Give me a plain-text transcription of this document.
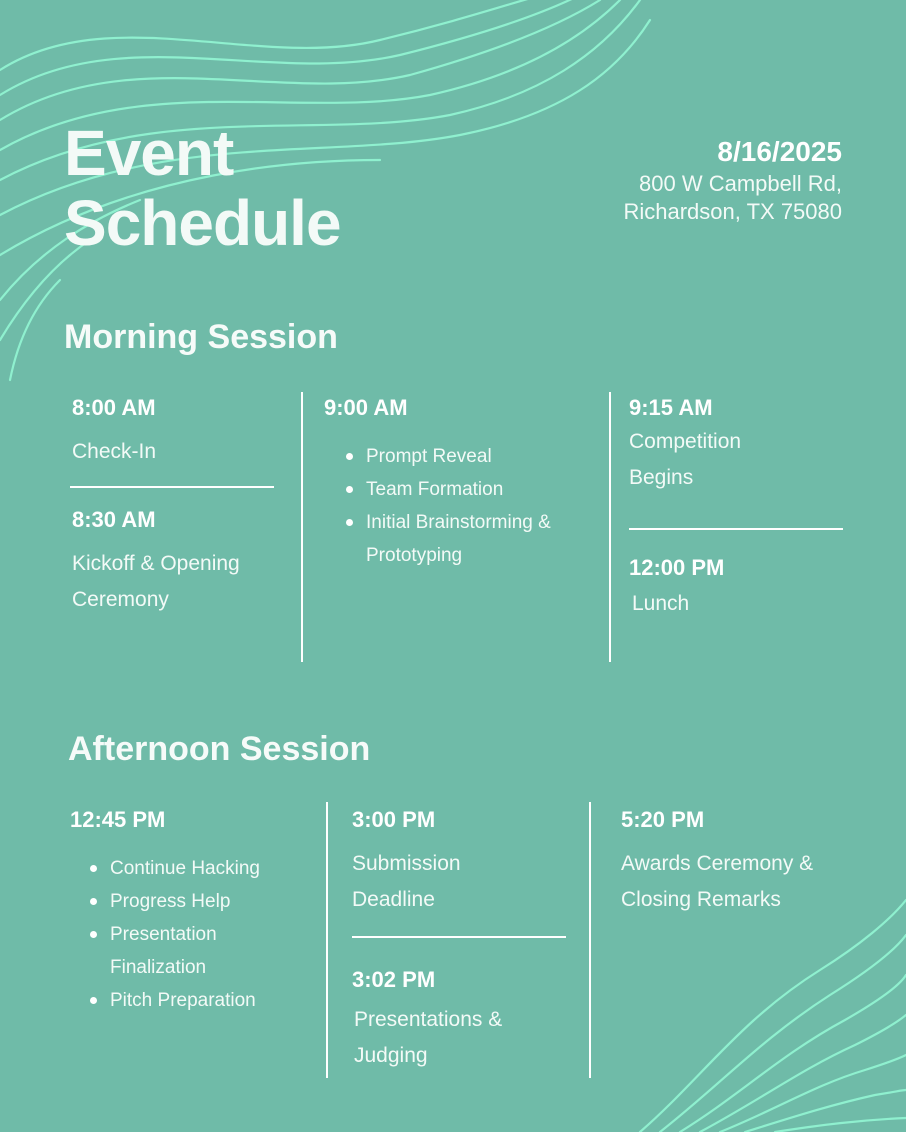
Event
Schedule
8/16/2025
800 W Campbell Rd,
Richardson, TX 75080
Morning Session
8:00 AM
Check-In
8:30 AM
Kickoff & Opening Ceremony
9:00 AM
Prompt Reveal
Team Formation
Initial Brainstorming & Prototyping
9:15 AM
Competition Begins
12:00 PM
Lunch
Afternoon Session
12:45 PM
Continue Hacking
Progress Help
Presentation Finalization
Pitch Preparation
3:00 PM
Submission Deadline
3:02 PM
Presentations & Judging
5:20 PM
Awards Ceremony & Closing Remarks
